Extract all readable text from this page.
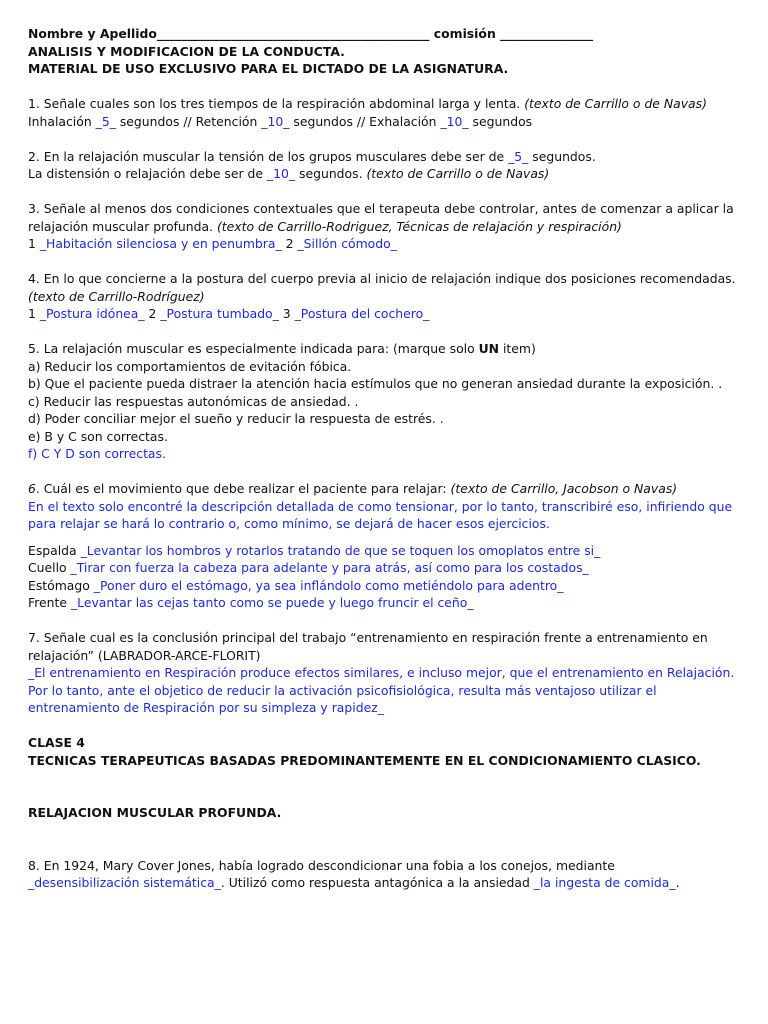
Nombre y Apellido____________________________________________ comisión _______________

ANALISIS Y MODIFICACION DE LA CONDUCTA.

MATERIAL DE USO EXCLUSIVO PARA EL DICTADO DE LA ASIGNATURA.

1. Señale cuales son los tres tiempos de la respiración abdominal larga y lenta. (texto de Carrillo o de Navas)

Inhalación _5_ segundos // Retención _10_ segundos // Exhalación _10_ segundos

2. En la relajación muscular la tensión de los grupos musculares debe ser de _5_ segundos.

La distensión o relajación debe ser de _10_ segundos. (texto de Carrillo o de Navas)

3. Señale al menos dos condiciones contextuales que el terapeuta debe controlar, antes de comenzar a aplicar la relajación muscular profunda. (texto de Carrillo-Rodriguez, Técnicas de relajación y respiración)

1 _Habitación silenciosa y en penumbra_ 2 _Sillón cómodo_

4. En lo que concierne a la postura del cuerpo previa al inicio de relajación indique dos posiciones recomendadas. (texto de Carrillo-Rodríguez)

1 _Postura idónea_ 2 _Postura tumbado_ 3 _Postura del cochero_

5. La relajación muscular es especialmente indicada para: (marque solo UN item)

a) Reducir los comportamientos de evitación fóbica.

b) Que el paciente pueda distraer la atención hacia estímulos que no generan ansiedad durante la exposición. .

c) Reducir las respuestas autonómicas de ansiedad. .

d) Poder conciliar mejor el sueño y reducir la respuesta de estrés. .

e) B y C son correctas.

f) C Y D son correctas.

6. Cuál es el movimiento que debe realizar el paciente para relajar: (texto de Carrillo, Jacobson o Navas)

En el texto solo encontré la descripción detallada de como tensionar, por lo tanto, transcribiré eso, infiriendo que para relajar se hará lo contrario o, como mínimo, se dejará de hacer esos ejercicios.

Espalda _Levantar los hombros y rotarlos tratando de que se toquen los omoplatos entre si_

Cuello _Tirar con fuerza la cabeza para adelante y para atrás, así como para los costados_

Estómago _Poner duro el estómago, ya sea inflándolo como metiéndolo para adentro_

Frente _Levantar las cejas tanto como se puede y luego fruncir el ceño_

7. Señale cual es la conclusión principal del trabajo “entrenamiento en respiración frente a entrenamiento en relajación” (LABRADOR-ARCE-FLORIT)

_El entrenamiento en Respiración produce efectos similares, e incluso mejor, que el entrenamiento en Relajación. Por lo tanto, ante el objetico de reducir la activación psicofisiológica, resulta más ventajoso utilizar el entrenamiento de Respiración por su simpleza y rapidez_

CLASE 4

TECNICAS TERAPEUTICAS BASADAS PREDOMINANTEMENTE EN EL CONDICIONAMIENTO CLASICO.

RELAJACION MUSCULAR PROFUNDA.

8. En 1924, Mary Cover Jones, había logrado descondicionar una fobia a los conejos, mediante

_desensibilización sistemática_. Utilizó como respuesta antagónica a la ansiedad _la ingesta de comida_.
